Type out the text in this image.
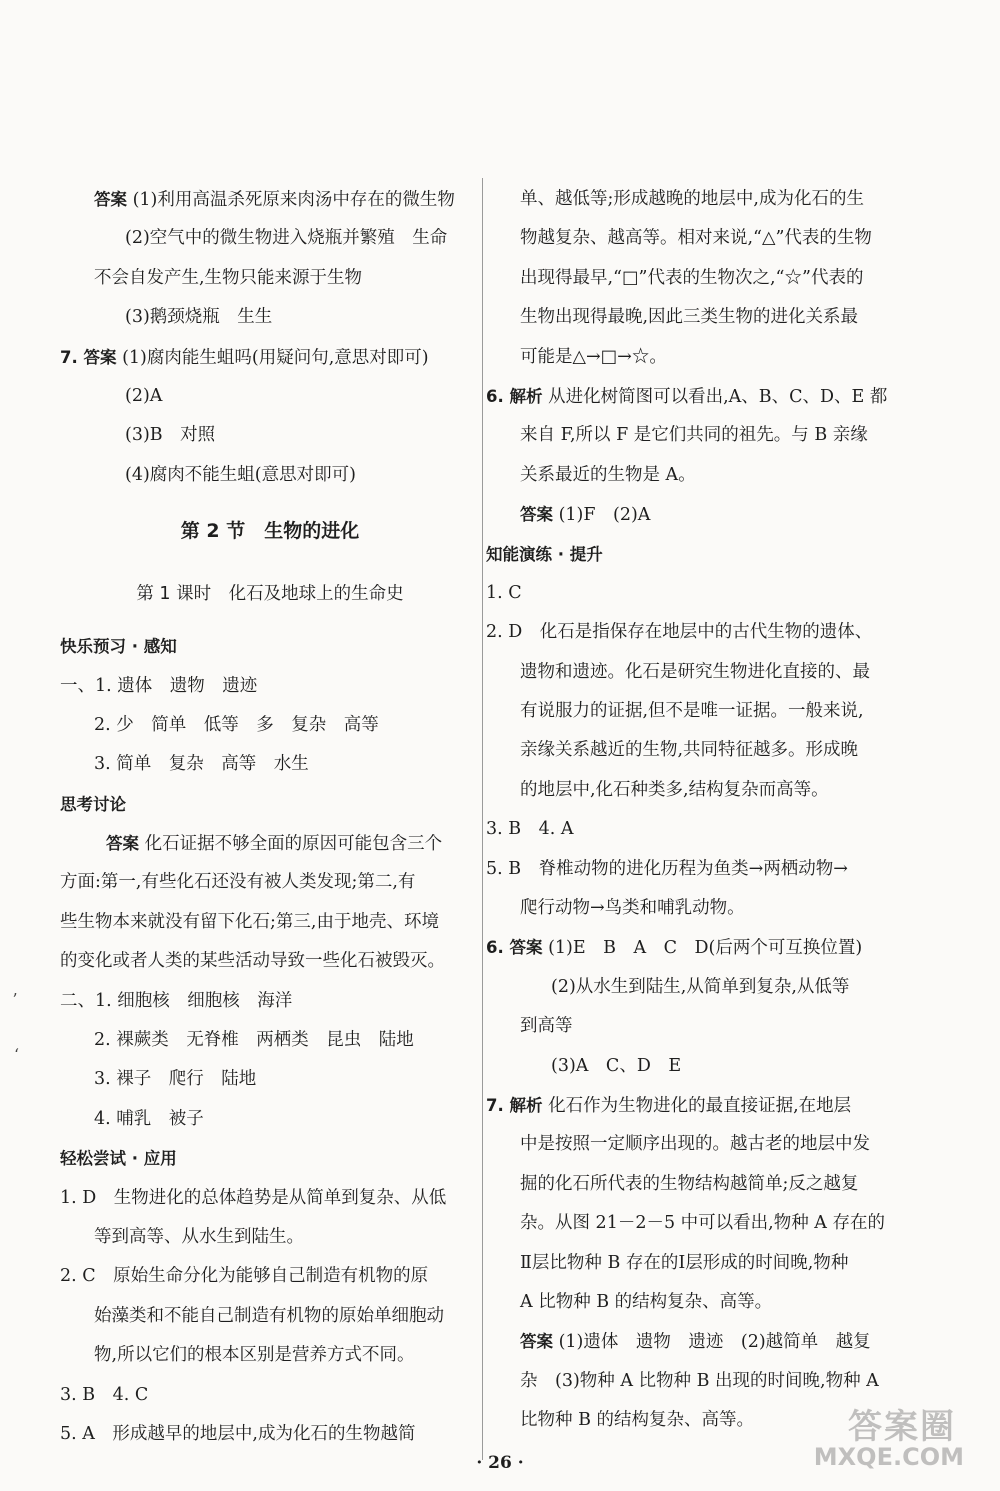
答案 (1)利用高温杀死原来肉汤中存在的微生物
(2)空气中的微生物进入烧瓶并繁殖　生命
不会自发产生,生物只能来源于生物
(3)鹅颈烧瓶　生生
7. 答案 (1)腐肉能生蛆吗(用疑问句,意思对即可)
(2)A
(3)B　对照
(4)腐肉不能生蛆(意思对即可)
第 2 节　生物的进化
第 1 课时　化石及地球上的生命史
快乐预习 · 感知
一、1. 遗体　遗物　遗迹
2. 少　简单　低等　多　复杂　高等
3. 简单　复杂　高等　水生
思考讨论
答案 化石证据不够全面的原因可能包含三个
方面:第一,有些化石还没有被人类发现;第二,有
些生物本来就没有留下化石;第三,由于地壳、环境
的变化或者人类的某些活动导致一些化石被毁灭。
二、1. 细胞核　细胞核　海洋
2. 裸蕨类　无脊椎　两栖类　昆虫　陆地
3. 裸子　爬行　陆地
4. 哺乳　被子
轻松尝试 · 应用
1. D　生物进化的总体趋势是从简单到复杂、从低
等到高等、从水生到陆生。
2. C　原始生命分化为能够自己制造有机物的原
始藻类和不能自己制造有机物的原始单细胞动
物,所以它们的根本区别是营养方式不同。
3. B　4. C
5. A　形成越早的地层中,成为化石的生物越简
单、越低等;形成越晚的地层中,成为化石的生
物越复杂、越高等。相对来说,“△”代表的生物
出现得最早,“□”代表的生物次之,“☆”代表的
生物出现得最晚,因此三类生物的进化关系最
可能是△→□→☆。
6. 解析 从进化树简图可以看出,A、B、C、D、E 都
来自 F,所以 F 是它们共同的祖先。与 B 亲缘
关系最近的生物是 A。
答案 (1)F　(2)A
知能演练 · 提升
1. C
2. D　化石是指保存在地层中的古代生物的遗体、
遗物和遗迹。化石是研究生物进化直接的、最
有说服力的证据,但不是唯一证据。一般来说,
亲缘关系越近的生物,共同特征越多。形成晚
的地层中,化石种类多,结构复杂而高等。
3. B　4. A
5. B　脊椎动物的进化历程为鱼类→两栖动物→
爬行动物→鸟类和哺乳动物。
6. 答案 (1)E　B　A　C　D(后两个可互换位置)
(2)从水生到陆生,从简单到复杂,从低等
到高等
(3)A　C、D　E
7. 解析 化石作为生物进化的最直接证据,在地层
中是按照一定顺序出现的。越古老的地层中发
掘的化石所代表的生物结构越简单;反之越复
杂。从图 21－2－5 中可以看出,物种 A 存在的
Ⅱ层比物种 B 存在的Ⅰ层形成的时间晚,物种
A 比物种 B 的结构复杂、高等。
答案 (1)遗体　遗物　遗迹　(2)越简单　越复
杂　(3)物种 A 比物种 B 出现的时间晚,物种 A
比物种 B 的结构复杂、高等。
ʼ
ʻ
· 26 ·
答案圈
MXQE.COM
